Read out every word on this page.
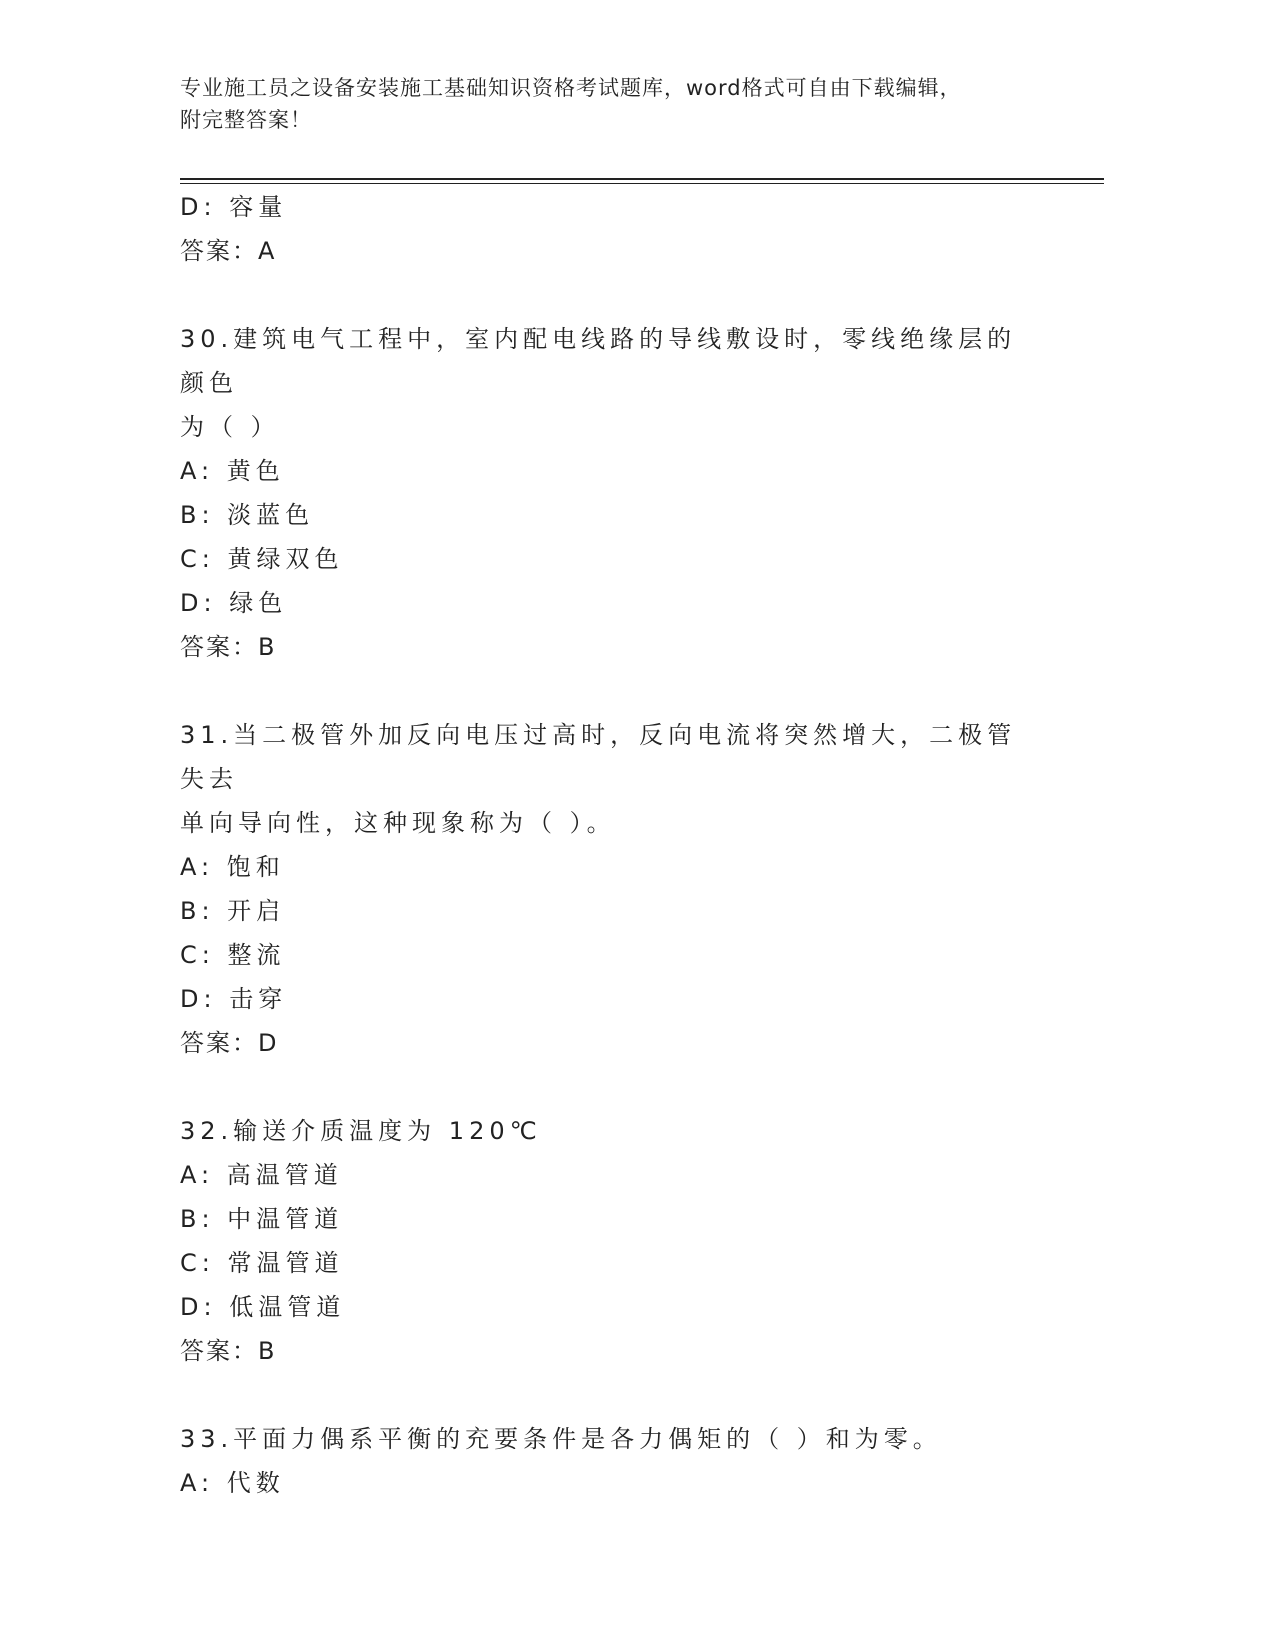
专业施工员之设备安装施工基础知识资格考试题库，word格式可自由下载编辑，
附完整答案！
D: 容量
答案：A
30.建筑电气工程中，室内配电线路的导线敷设时，零线绝缘层的颜色
为（ ）
A: 黄色
B: 淡蓝色
C: 黄绿双色
D: 绿色
答案：B
31.当二极管外加反向电压过高时，反向电流将突然增大，二极管失去
单向导向性，这种现象称为（ ）。
A: 饱和
B: 开启
C: 整流
D: 击穿
答案：D
32.输送介质温度为 120℃
A: 高温管道
B: 中温管道
C: 常温管道
D: 低温管道
答案：B
33.平面力偶系平衡的充要条件是各力偶矩的（ ）和为零。
A: 代数
